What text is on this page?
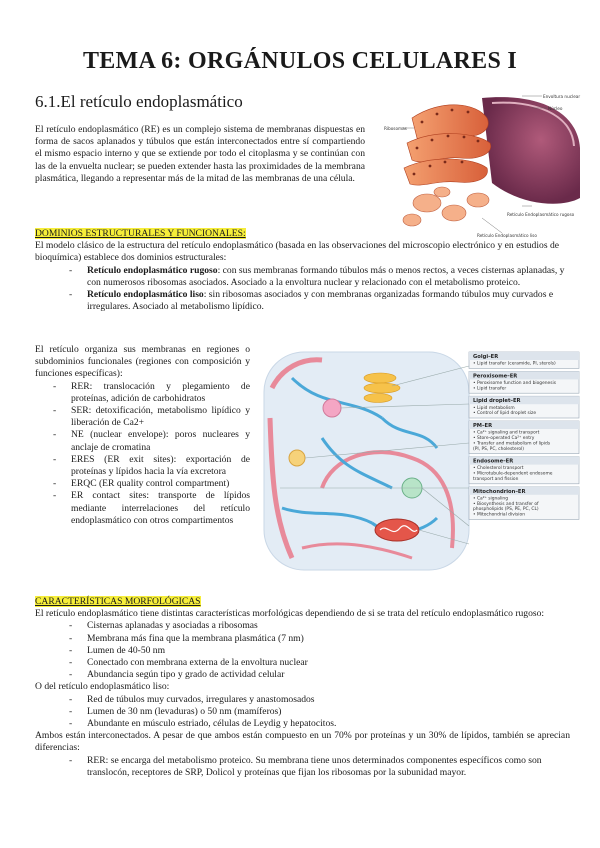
TEMA 6: ORGÁNULOS CELULARES I
6.1.El retículo endoplasmático

El retículo endoplasmático (RE) es un complejo sistema de membranas dispuestas en forma de sacos aplanados y túbulos que están interconectados entre sí compartiendo el mismo espacio interno y que se extiende por todo el citoplasma y se continúan con las de la envuelta nuclear; se pueden extender hasta las proximidades de la membrana plasmática, llegando a representar más de la mitad de las membranas de una célula.

Ribosomas
Envoltura nuclear
Núcleo
Retículo Endoplasmático rugoso
Retículo Endoplasmático liso

DOMINIOS ESTRUCTURALES Y FUNCIONALES:

El modelo clásico de la estructura del retículo endoplasmático (basada en las observaciones del microscopio electrónico y en estudios de bioquímica) establece dos dominios estructurales:

- Retículo endoplasmático rugoso: con sus membranas formando túbulos más o menos rectos, a veces cisternas aplanadas, y con numerosos ribosomas asociados. Asociado a la envoltura nuclear y relacionado con el metabolismo proteico.
- Retículo endoplasmático liso: sin ribosomas asociados y con membranas organizadas formando túbulos muy curvados e irregulares. Asociado al metabolismo lipídico.

El retículo organiza sus membranas en regiones o subdominios funcionales (regiones con composición y funciones específicas):

- RER: translocación y plegamiento de proteínas, adición de carbohidratos
- SER: detoxificación, metabolismo lipídico y liberación de Ca2+
- NE (nuclear envelope): poros nucleares y anclaje de cromatina
- ERES (ER exit sites): exportación de proteínas y lípidos hacia la vía excretora
- ERQC (ER quality control compartment)
- ER contact sites: transporte de lípidos mediante interrelaciones del retículo endoplasmático con otros compartimentos
Golgi–ER
• Lipid transfer (ceramide, PI, sterols)
Peroxisome–ER
• Peroxisome function and biogenesis
• Lipid transfer
Lipid droplet–ER
• Lipid metabolism
• Control of lipid droplet size
PM–ER
• Ca²⁺ signaling and transport
• Store-operated Ca²⁺ entry
• Transfer and metabolism of lipids
(PI, PS, PC, cholesterol)
Endosome–ER
• Cholesterol transport
• Microtubule-dependent endosome
transport and fission
Mitochondrion–ER
• Ca²⁺ signaling
• Biosynthesis and transfer of
phospholipids (PS, PE, PC, CL)
• Mitochondrial division

CARACTERÍSTICAS MORFOLÓGICAS

El retículo endoplasmático tiene distintas características morfológicas dependiendo de si se trata del retículo endoplasmático rugoso:

- Cisternas aplanadas y asociadas a ribosomas
- Membrana más fina que la membrana plasmática (7 nm)
- Lumen de 40-50 nm
- Conectado con membrana externa de la envoltura nuclear
- Abundancia según tipo y grado de actividad celular

O del retículo endoplasmático liso:

- Red de túbulos muy curvados, irregulares y anastomosados
- Lumen de 30 nm (levaduras) o 50 nm (mamíferos)
- Abundante en músculo estriado, células de Leydig y hepatocitos.

Ambos están interconectados. A pesar de que ambos están compuesto en un 70% por proteínas y un 30% de lípidos, también se aprecian diferencias:

- RER: se encarga del metabolismo proteico. Su membrana tiene unos determinados componentes específicos como son translocón, receptores de SRP, Dolicol y proteínas que fijan los ribosomas por la subunidad mayor.
